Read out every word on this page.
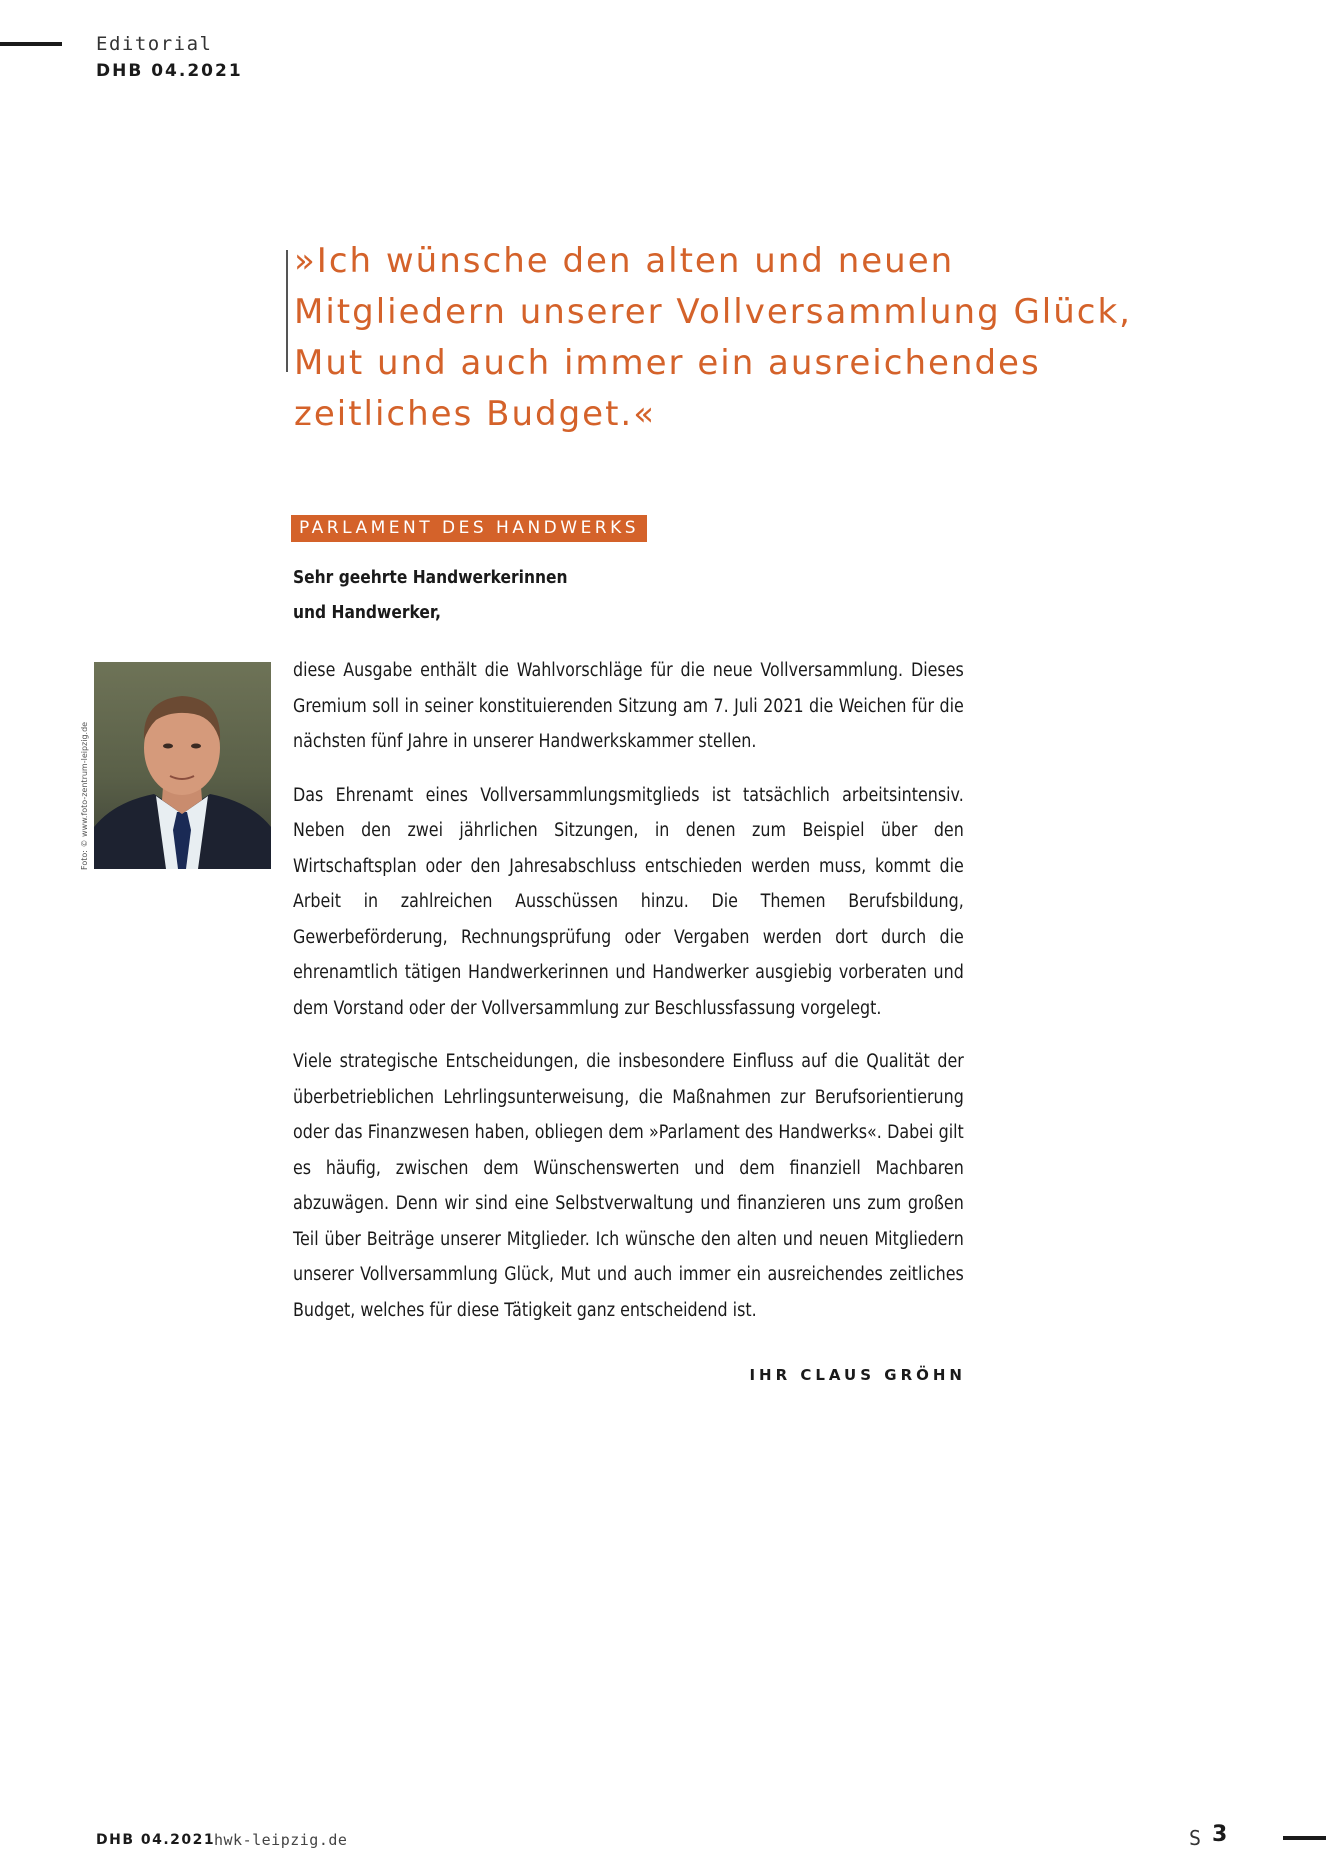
Editorial
DHB 04.2021
»Ich wünsche den alten und neuen Mitgliedern unserer Vollversammlung Glück, Mut und auch immer ein ausreichendes zeitliches Budget.«
PARLAMENT DES HANDWERKS
Sehr geehrte Handwerkerinnen
und Handwerker,

diese Ausgabe enthält die Wahlvorschläge für die neue Vollversammlung. Dieses Gremium soll in seiner konstituierenden Sitzung am 7. Juli 2021 die Weichen für die nächsten fünf Jahre in unserer Handwerkskammer stellen.

Das Ehrenamt eines Vollversammlungsmitglieds ist tatsächlich arbeitsintensiv. Neben den zwei jährlichen Sitzungen, in denen zum Beispiel über den Wirtschaftsplan oder den Jahresabschluss entschieden werden muss, kommt die Arbeit in zahlreichen Ausschüssen hinzu. Die Themen Berufsbildung, Gewerbeförderung, Rechnungsprüfung oder Vergaben werden dort durch die ehrenamtlich tätigen Handwerkerinnen und Handwerker ausgiebig vorberaten und dem Vorstand oder der Vollversammlung zur Beschlussfassung vorgelegt.

Viele strategische Entscheidungen, die insbesondere Einfluss auf die Qualität der überbetrieblichen Lehrlingsunterweisung, die Maßnahmen zur Berufsorientierung oder das Finanzwesen haben, obliegen dem »Parlament des Handwerks«. Dabei gilt es häufig, zwischen dem Wünschenswerten und dem finanziell Machbaren abzuwägen. Denn wir sind eine Selbstverwaltung und finanzieren uns zum großen Teil über Beiträge unserer Mitglieder. Ich wünsche den alten und neuen Mitgliedern unserer Vollversammlung Glück, Mut und auch immer ein ausreichendes zeitliches Budget, welches für diese Tätigkeit ganz entscheidend ist.

IHR CLAUS GRÖHN
Foto: © www.foto-zentrum-leipzig.de
DHB 04.2021
hwk-leipzig.de	S 3
